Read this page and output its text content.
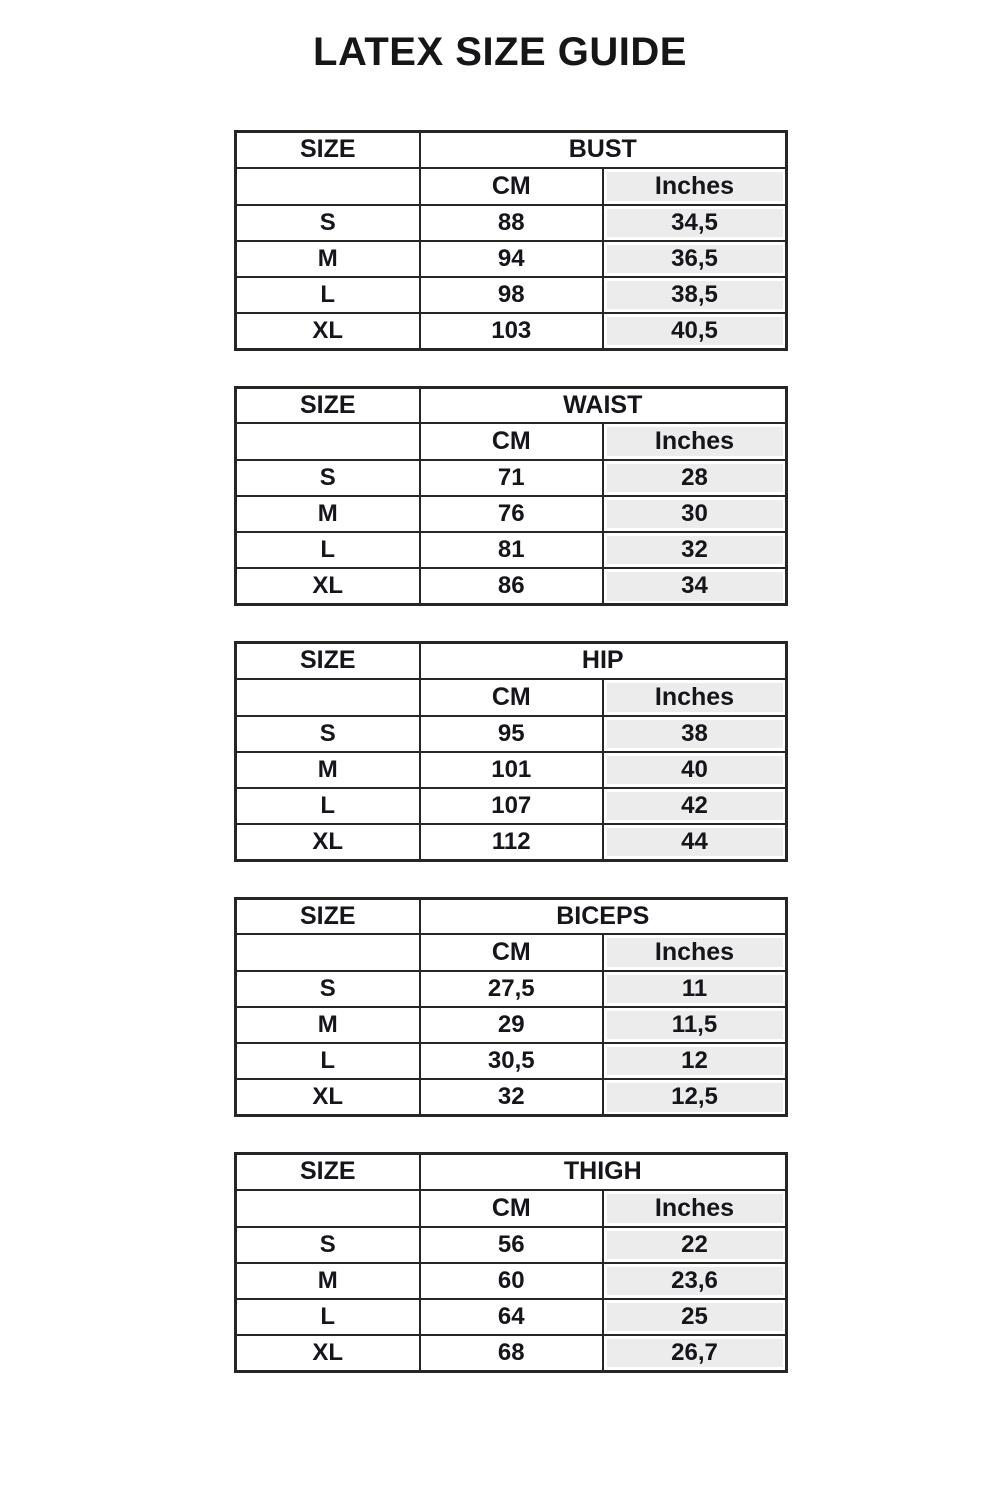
LATEX SIZE GUIDE
SIZE	BUST	
	CM	Inches
S	88	34,5
M	94	36,5
L	98	38,5
XL	103	40,5
SIZE	WAIST	
	CM	Inches
S	71	28
M	76	30
L	81	32
XL	86	34
SIZE	HIP	
	CM	Inches
S	95	38
M	101	40
L	107	42
XL	112	44
SIZE	BICEPS	
	CM	Inches
S	27,5	11
M	29	11,5
L	30,5	12
XL	32	12,5
SIZE	THIGH	
	CM	Inches
S	56	22
M	60	23,6
L	64	25
XL	68	26,7
